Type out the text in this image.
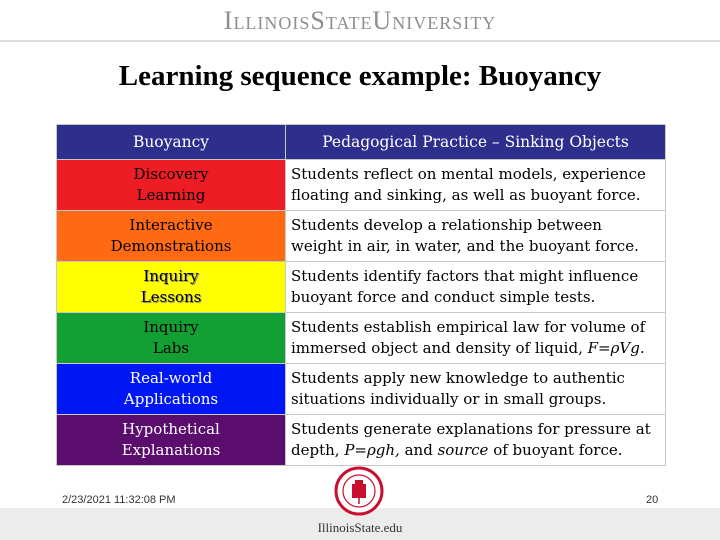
IllinoisStateUniversity
Learning sequence example: Buoyancy
Buoyancy	Pedagogical Practice – Sinking Objects
Discovery
Learning	Students reflect on mental models, experience
floating and sinking, as well as buoyant force.
Interactive
Demonstrations	Students develop a relationship between
weight in air, in water, and the buoyant force.
Inquiry
Lessons	Students identify factors that might influence
buoyant force and conduct simple tests.
Inquiry
Labs	Students establish empirical law for volume of
immersed object and density of liquid, F=ρVg.
Real-world
Applications	Students apply new knowledge to authentic
situations individually or in small groups.
Hypothetical
Explanations	Students generate explanations for pressure at
depth, P=ρgh, and source of buoyant force.
2/23/2021 11:32:08 PM	20
IllinoisState.edu
